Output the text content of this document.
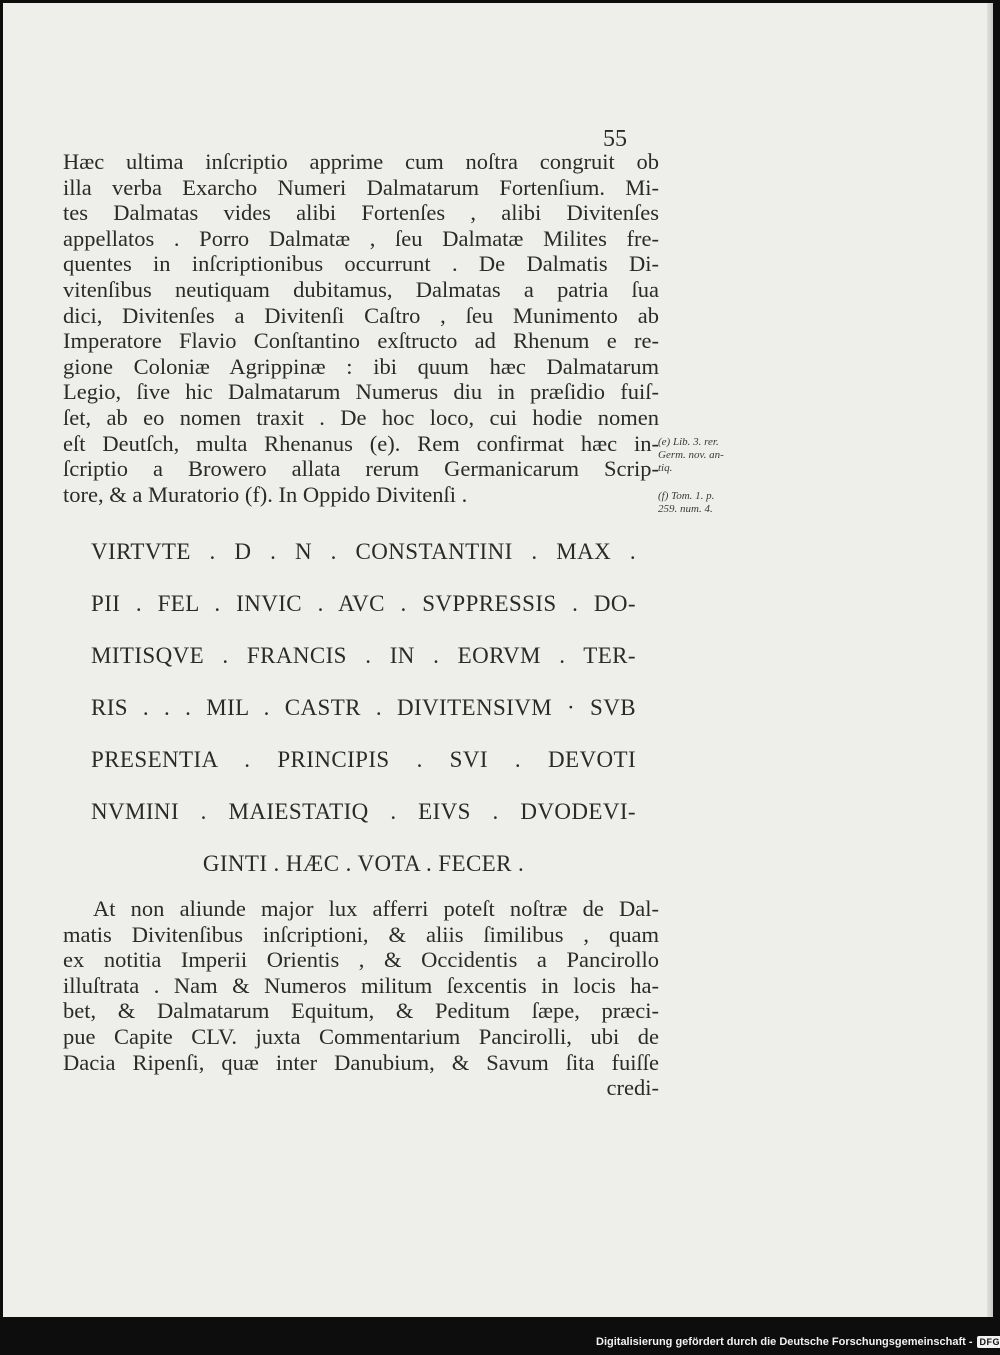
55
Hæc ultima inſcriptio apprime cum noſtra congruit ob
illa verba Exarcho Numeri Dalmatarum Fortenſium. Mi-
tes Dalmatas vides alibi Fortenſes , alibi Divitenſes
appellatos . Porro Dalmatæ , ſeu Dalmatæ Milites fre-
quentes in inſcriptionibus occurrunt . De Dalmatis Di-
vitenſibus neutiquam dubitamus, Dalmatas a patria ſua
dici, Divitenſes a Divitenſi Caſtro , ſeu Munimento ab
Imperatore Flavio Conſtantino exſtructo ad Rhenum e re-
gione Coloniæ Agrippinæ : ibi quum hæc Dalmatarum
Legio, ſive hic Dalmatarum Numerus diu in præſidio fuiſ-
ſet, ab eo nomen traxit . De hoc loco, cui hodie nomen
eſt Deutſch, multa Rhenanus (e). Rem confirmat hæc in-
ſcriptio a Browero allata rerum Germanicarum Scrip-
tore, & a Muratorio (f). In Oppido Divitenſi .
(e) Lib. 3. rer.
Germ. nov. an-
tiq.
(f) Tom. 1. p.
259. num. 4.
VIRTVTE . D . N . CONSTANTINI . MAX .
PII . FEL . INVIC . AVC . SVPPRESSIS . DO-
MITISQVE . FRANCIS . IN . EORVM . TER-
RIS . . . MIL . CASTR . DIVITENSIVM · SVB
PRESENTIA . PRINCIPIS . SVI . DEVOTI
NVMINI . MAIESTATIQ . EIVS . DVODEVI-
GINTI . HÆC . VOTA . FECER .
At non aliunde major lux afferri poteſt noſtræ de Dal-
matis Divitenſibus inſcriptioni, & aliis ſimilibus , quam
ex notitia Imperii Orientis , & Occidentis a Pancirollo
illuſtrata . Nam & Numeros militum ſexcentis in locis ha-
bet, & Dalmatarum Equitum, & Peditum ſæpe, præci-
pue Capite CLV. juxta Commentarium Pancirolli, ubi de
Dacia Ripenſi, quæ inter Danubium, & Savum ſita fuiſſe
credi-
Digitalisierung gefördert durch die Deutsche Forschungsgemeinschaft - DFG
